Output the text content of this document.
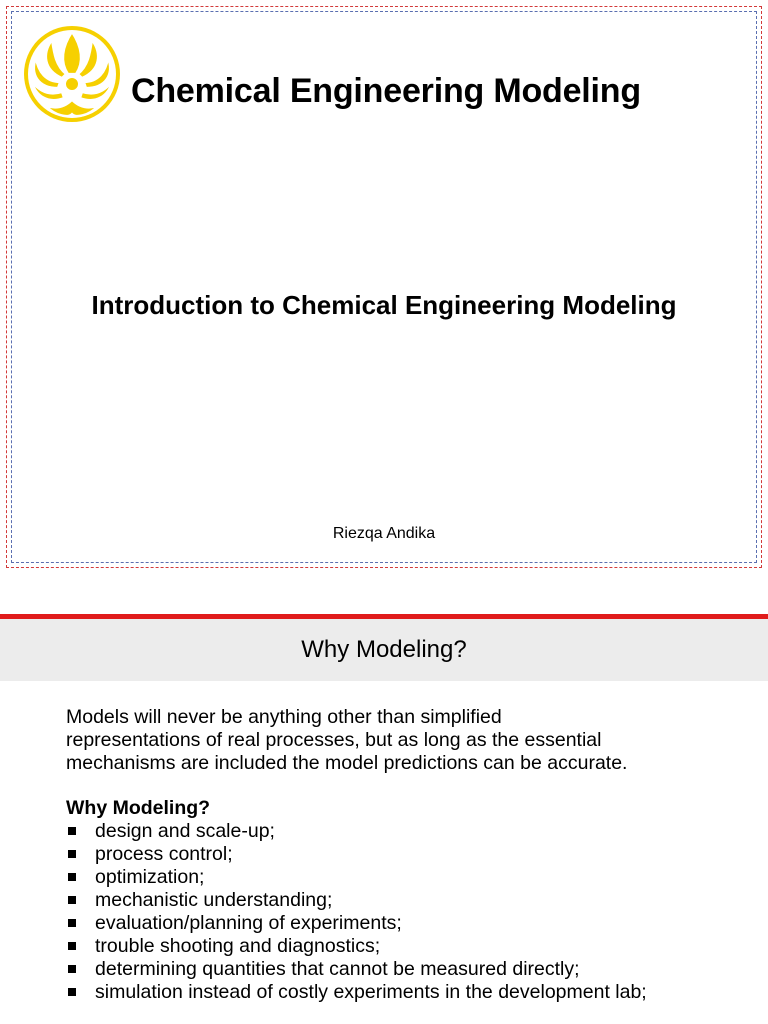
Chemical Engineering Modeling
Introduction to Chemical Engineering Modeling
Riezqa Andika
Why Modeling?

Models will never be anything other than simplified

representations of real processes, but as long as the essential

mechanisms are included the model predictions can be accurate.

Why Modeling?
design and scale-up;
process control;
optimization;
mechanistic understanding;
evaluation/planning of experiments;
trouble shooting and diagnostics;
determining quantities that cannot be measured directly;
simulation instead of costly experiments in the development lab;
